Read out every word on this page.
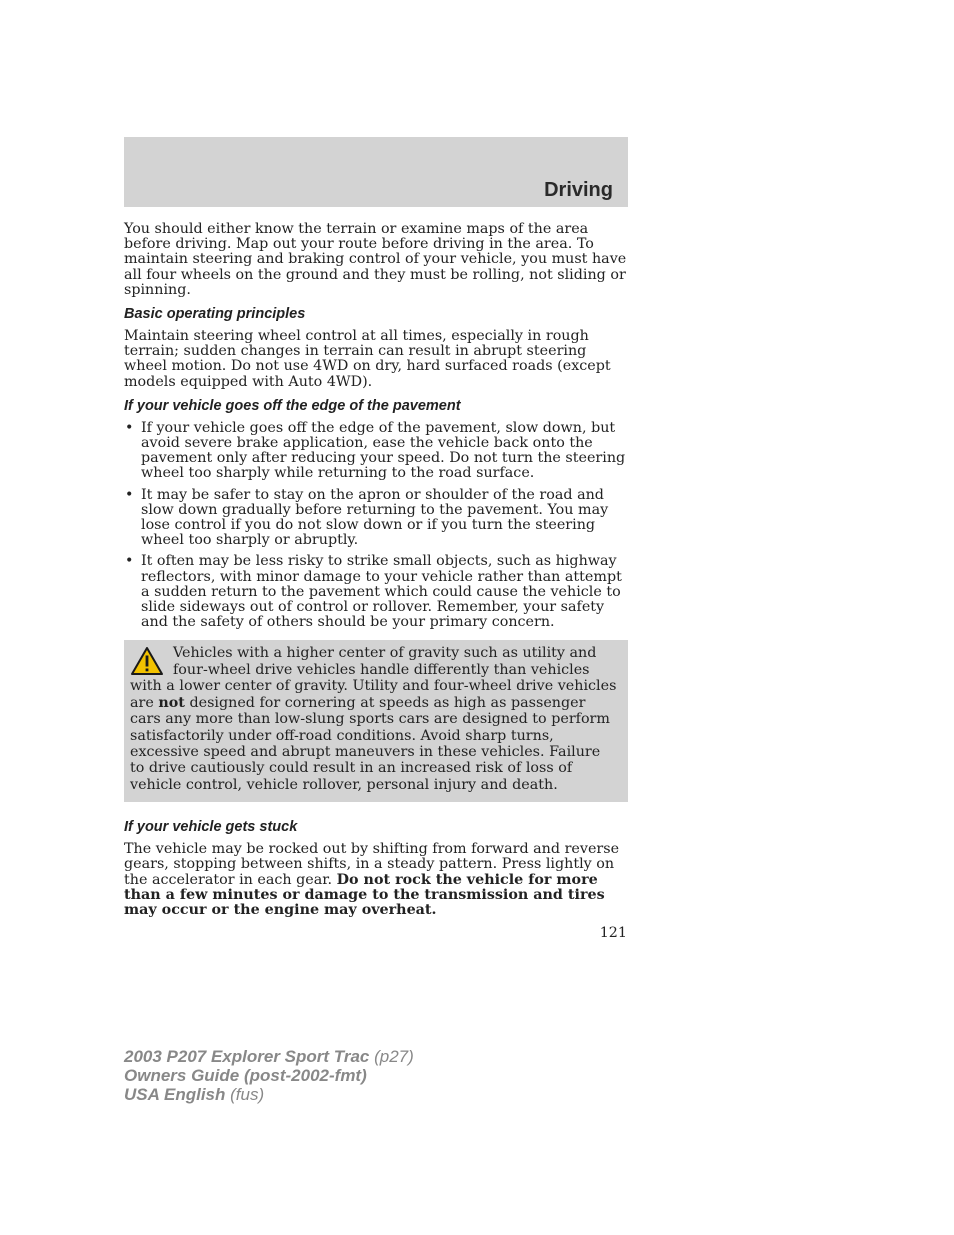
Driving

You should either know the terrain or examine maps of the area before driving. Map out your route before driving in the area. To maintain steering and braking control of your vehicle, you must have all four wheels on the ground and they must be rolling, not sliding or spinning.

Basic operating principles

Maintain steering wheel control at all times, especially in rough terrain; sudden changes in terrain can result in abrupt steering wheel motion. Do not use 4WD on dry, hard surfaced roads (except models equipped with Auto 4WD).

If your vehicle goes off the edge of the pavement
• If your vehicle goes off the edge of the pavement, slow down, but avoid severe brake application, ease the vehicle back onto the pavement only after reducing your speed. Do not turn the steering wheel too sharply while returning to the road surface.
• It may be safer to stay on the apron or shoulder of the road and slow down gradually before returning to the pavement. You may lose control if you do not slow down or if you turn the steering wheel too sharply or abruptly.
• It often may be less risky to strike small objects, such as highway reflectors, with minor damage to your vehicle rather than attempt a sudden return to the pavement which could cause the vehicle to slide sideways out of control or rollover. Remember, your safety and the safety of others should be your primary concern.
Vehicles with a higher center of gravity such as utility and four-wheel drive vehicles handle differently than vehicles with a lower center of gravity. Utility and four-wheel drive vehicles are not designed for cornering at speeds as high as passenger cars any more than low-slung sports cars are designed to perform satisfactorily under off-road conditions. Avoid sharp turns, excessive speed and abrupt maneuvers in these vehicles. Failure to drive cautiously could result in an increased risk of loss of vehicle control, vehicle rollover, personal injury and death.
If your vehicle gets stuck

The vehicle may be rocked out by shifting from forward and reverse gears, stopping between shifts, in a steady pattern. Press lightly on the accelerator in each gear. Do not rock the vehicle for more than a few minutes or damage to the transmission and tires may occur or the engine may overheat.

121
2003 P207 Explorer Sport Trac (p27)
Owners Guide (post-2002-fmt)
USA English (fus)
